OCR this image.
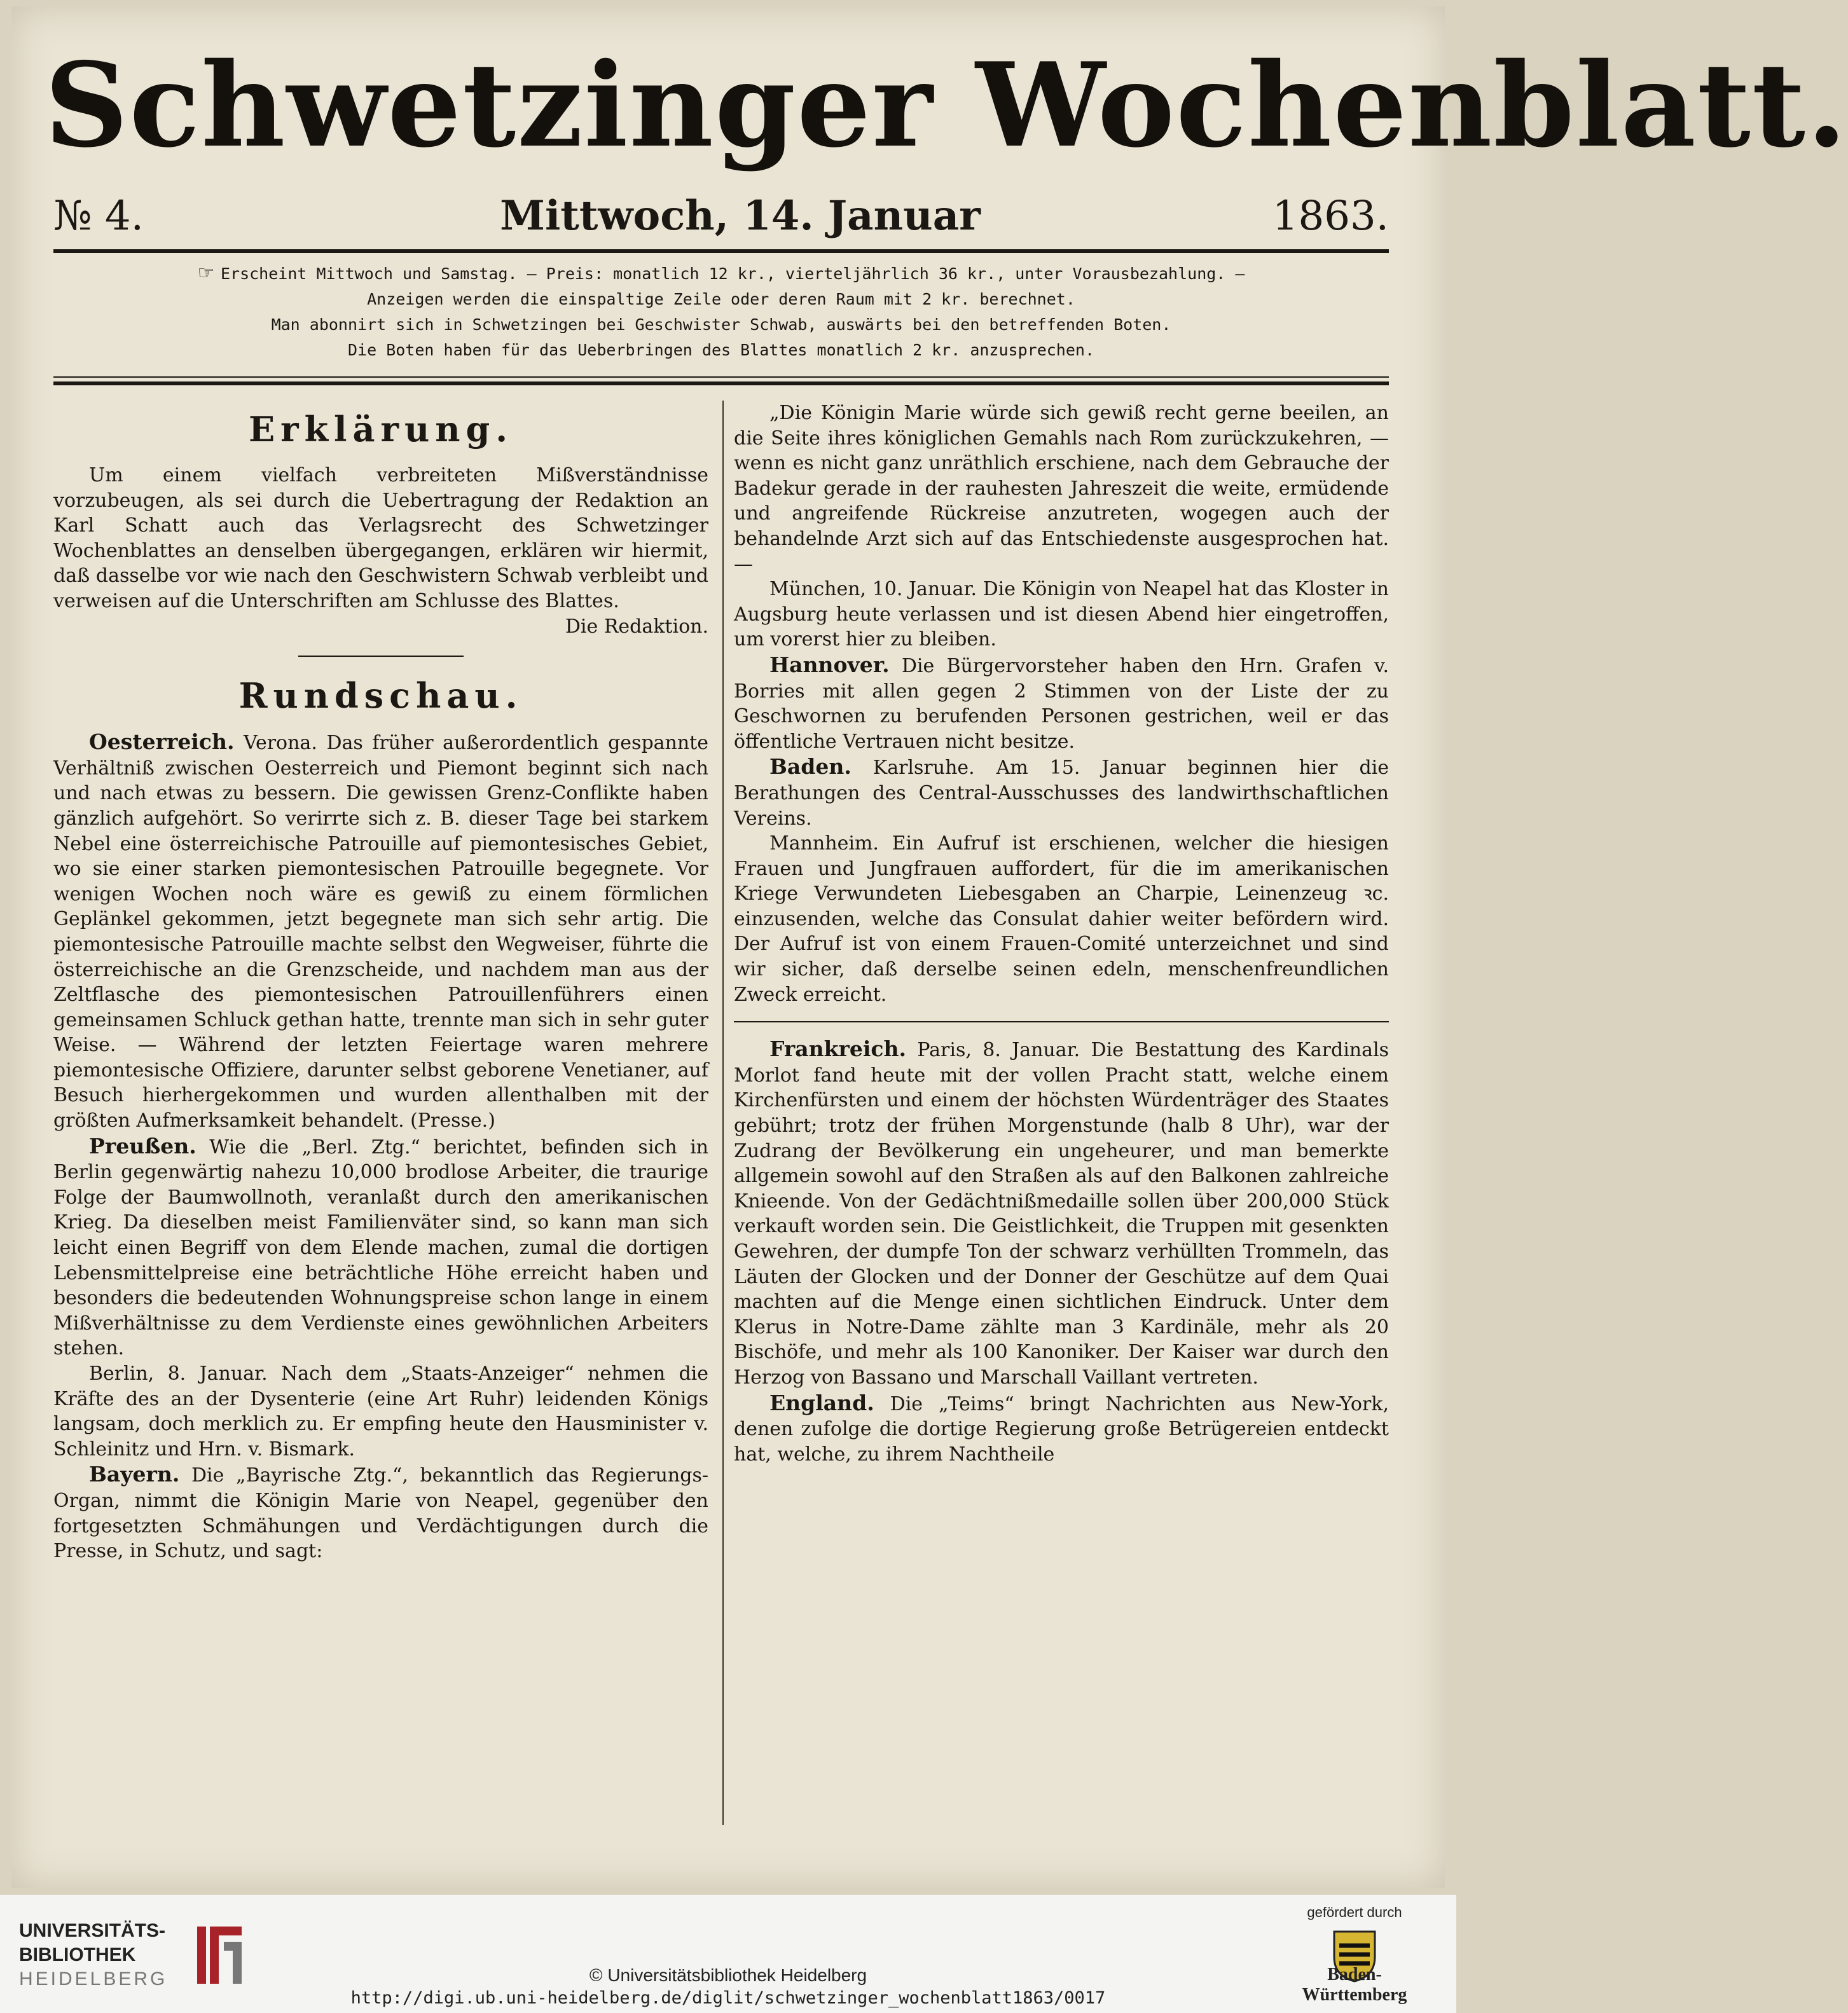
Schwetzinger Wochenblatt.
№ 4.	Mittwoch, 14. Januar	1863.

☞ Erscheint Mittwoch und Samstag. — Preis: monatlich 12 kr., vierteljährlich 36 kr., unter Vorausbezahlung. —

Anzeigen werden die einspaltige Zeile oder deren Raum mit 2 kr. berechnet.

Man abonnirt sich in Schwetzingen bei Geschwister Schwab, auswärts bei den betreffenden Boten.

Die Boten haben für das Ueberbringen des Blattes monatlich 2 kr. anzusprechen.

Erklärung.

Um einem vielfach verbreiteten Mißverständnisse vorzubeugen, als sei durch die Uebertragung der Redaktion an Karl Schatt auch das Verlagsrecht des Schwetzinger Wochenblattes an denselben übergegangen, erklären wir hiermit, daß dasselbe vor wie nach den Geschwistern Schwab verbleibt und verweisen auf die Unterschriften am Schlusse des Blattes.
Die Redaktion.

Rundschau.

Oesterreich. Verona. Das früher außerordentlich gespannte Verhältniß zwischen Oesterreich und Piemont beginnt sich nach und nach etwas zu bessern. Die gewissen Grenz-Conflikte haben gänzlich aufgehört. So verirrte sich z. B. dieser Tage bei starkem Nebel eine österreichische Patrouille auf piemontesisches Gebiet, wo sie einer starken piemontesischen Patrouille begegnete. Vor wenigen Wochen noch wäre es gewiß zu einem förmlichen Geplänkel gekommen, jetzt begegnete man sich sehr artig. Die piemontesische Patrouille machte selbst den Wegweiser, führte die österreichische an die Grenzscheide, und nachdem man aus der Zeltflasche des piemontesischen Patrouillenführers einen gemeinsamen Schluck gethan hatte, trennte man sich in sehr guter Weise. — Während der letzten Feiertage waren mehrere piemontesische Offiziere, darunter selbst geborene Venetianer, auf Besuch hierhergekommen und wurden allenthalben mit der größten Aufmerksamkeit behandelt. (Presse.)

Preußen. Wie die „Berl. Ztg.“ berichtet, befinden sich in Berlin gegenwärtig nahezu 10,000 brodlose Arbeiter, die traurige Folge der Baumwollnoth, veranlaßt durch den amerikanischen Krieg. Da dieselben meist Familienväter sind, so kann man sich leicht einen Begriff von dem Elende machen, zumal die dortigen Lebensmittelpreise eine beträchtliche Höhe erreicht haben und besonders die bedeutenden Wohnungspreise schon lange in einem Mißverhältnisse zu dem Verdienste eines gewöhnlichen Arbeiters stehen.

Berlin, 8. Januar. Nach dem „Staats-Anzeiger“ nehmen die Kräfte des an der Dysenterie (eine Art Ruhr) leidenden Königs langsam, doch merklich zu. Er empfing heute den Hausminister v. Schleinitz und Hrn. v. Bismark.

Bayern. Die „Bayrische Ztg.“, bekanntlich das Regierungs-Organ, nimmt die Königin Marie von Neapel, gegenüber den fortgesetzten Schmähungen und Verdächtigungen durch die Presse, in Schutz, und sagt:

„Die Königin Marie würde sich gewiß recht gerne beeilen, an die Seite ihres königlichen Gemahls nach Rom zurückzukehren, — wenn es nicht ganz unräthlich erschiene, nach dem Gebrauche der Badekur gerade in der rauhesten Jahreszeit die weite, ermüdende und angreifende Rückreise anzutreten, wogegen auch der behandelnde Arzt sich auf das Entschiedenste ausgesprochen hat. —

München, 10. Januar. Die Königin von Neapel hat das Kloster in Augsburg heute verlassen und ist diesen Abend hier eingetroffen, um vorerst hier zu bleiben.

Hannover. Die Bürgervorsteher haben den Hrn. Grafen v. Borries mit allen gegen 2 Stimmen von der Liste der zu Geschwornen zu berufenden Personen gestrichen, weil er das öffentliche Vertrauen nicht besitze.

Baden. Karlsruhe. Am 15. Januar beginnen hier die Berathungen des Central-Ausschusses des landwirthschaftlichen Vereins.

Mannheim. Ein Aufruf ist erschienen, welcher die hiesigen Frauen und Jungfrauen auffordert, für die im amerikanischen Kriege Verwundeten Liebesgaben an Charpie, Leinenzeug ꝛc. einzusenden, welche das Consulat dahier weiter befördern wird. Der Aufruf ist von einem Frauen-Comité unterzeichnet und sind wir sicher, daß derselbe seinen edeln, menschenfreundlichen Zweck erreicht.

Frankreich. Paris, 8. Januar. Die Bestattung des Kardinals Morlot fand heute mit der vollen Pracht statt, welche einem Kirchenfürsten und einem der höchsten Würdenträger des Staates gebührt; trotz der frühen Morgenstunde (halb 8 Uhr), war der Zudrang der Bevölkerung ein ungeheurer, und man bemerkte allgemein sowohl auf den Straßen als auf den Balkonen zahlreiche Knieende. Von der Gedächtnißmedaille sollen über 200,000 Stück verkauft worden sein. Die Geistlichkeit, die Truppen mit gesenkten Gewehren, der dumpfe Ton der schwarz verhüllten Trommeln, das Läuten der Glocken und der Donner der Geschütze auf dem Quai machten auf die Menge einen sichtlichen Eindruck. Unter dem Klerus in Notre-Dame zählte man 3 Kardinäle, mehr als 20 Bischöfe, und mehr als 100 Kanoniker. Der Kaiser war durch den Herzog von Bassano und Marschall Vaillant vertreten.

England. Die „Teims“ bringt Nachrichten aus New-York, denen zufolge die dortige Regierung große Betrügereien entdeckt hat, welche, zu ihrem Nachtheile

UNIVERSITÄTS-
BIBLIOTHEK
HEIDELBERG	© Universitätsbibliothek Heidelberg
http://digi.ub.uni-heidelberg.de/diglit/schwetzinger_wochenblatt1863/0017
gefördert durch
Baden-Württemberg
